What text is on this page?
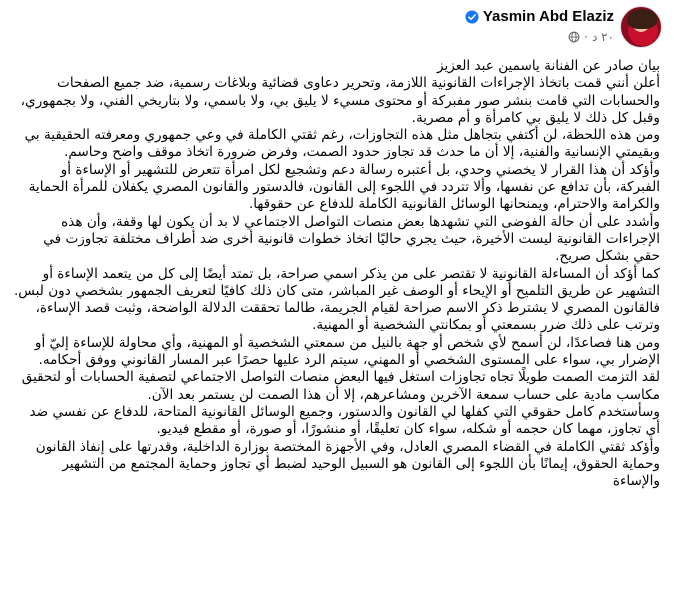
Yasmin Abd Elaziz
٢٠ د
·

بيان صادر عن الفنانة ياسمين عبد العزيز

أعلن أنني قمت باتخاذ الإجراءات القانونية اللازمة، وتحرير دعاوى قضائية وبلاغات رسمية، ضد جميع الصفحات والحسابات التي قامت بنشر صور مفبركة أو محتوى مسيء لا يليق بي، ولا باسمي، ولا بتاريخي الفني، ولا بجمهوري، وقبل كل ذلك لا يليق بي كامرأة و أم مصرية.

ومن هذه اللحظة، لن أكتفي بتجاهل مثل هذه التجاوزات، رغم ثقتي الكاملة في وعي جمهوري ومعرفته الحقيقية بي وبقيمتي الإنسانية والفنية، إلا أن ما حدث قد تجاوز حدود الصمت، وفرض ضرورة اتخاذ موقف واضح وحاسم.

وأؤكد أن هذا القرار لا يخصني وحدي، بل أعتبره رسالة دعم وتشجيع لكل امرأة تتعرض للتشهير أو الإساءة أو الفبركة، بأن تدافع عن نفسها، وألا تتردد في اللجوء إلى القانون، فالدستور والقانون المصري يكفلان للمرأة الحماية والكرامة والاحترام، ويمنحانها الوسائل القانونية الكاملة للدفاع عن حقوقها.

وأشدد على أن حالة الفوضى التي تشهدها بعض منصات التواصل الاجتماعي لا بد أن يكون لها وقفة، وأن هذه الإجراءات القانونية ليست الأخيرة، حيث يجري حاليًا اتخاذ خطوات قانونية أخرى ضد أطراف مختلفة تجاوزت في حقي بشكل صريح.

كما أؤكد أن المساءلة القانونية لا تقتصر على من يذكر اسمي صراحة، بل تمتد أيضًا إلى كل من يتعمد الإساءة أو التشهير عن طريق التلميح أو الإيحاء أو الوصف غير المباشر، متى كان ذلك كافيًا لتعريف الجمهور بشخصي دون لبس. فالقانون المصري لا يشترط ذكر الاسم صراحة لقيام الجريمة، طالما تحققت الدلالة الواضحة، وثبت قصد الإساءة، وترتب على ذلك ضرر بسمعتي أو بمكانتي الشخصية أو المهنية.

ومن هنا فصاعدًا، لن أسمح لأي شخص أو جهة بالنيل من سمعتي الشخصية أو المهنية، وأي محاولة للإساءة إليّ أو الإضرار بي، سواء على المستوى الشخصي أو المهني، سيتم الرد عليها حصرًا عبر المسار القانوني ووفق أحكامه.

لقد التزمت الصمت طويلًا تجاه تجاوزات استغل فيها البعض منصات التواصل الاجتماعي لتصفية الحسابات أو لتحقيق مكاسب مادية على حساب سمعة الآخرين ومشاعرهم، إلا أن هذا الصمت لن يستمر بعد الآن.

وسأستخدم كامل حقوقي التي كفلها لي القانون والدستور، وجميع الوسائل القانونية المتاحة، للدفاع عن نفسي ضد أي تجاوز، مهما كان حجمه أو شكله، سواء كان تعليقًا، أو منشورًا، أو صورة، أو مقطع فيديو.

وأؤكد ثقتي الكاملة في القضاء المصري العادل، وفي الأجهزة المختصة بوزارة الداخلية، وقدرتها على إنفاذ القانون وحماية الحقوق، إيمانًا بأن اللجوء إلى القانون هو السبيل الوحيد لضبط أي تجاوز وحماية المجتمع من التشهير والإساءة
